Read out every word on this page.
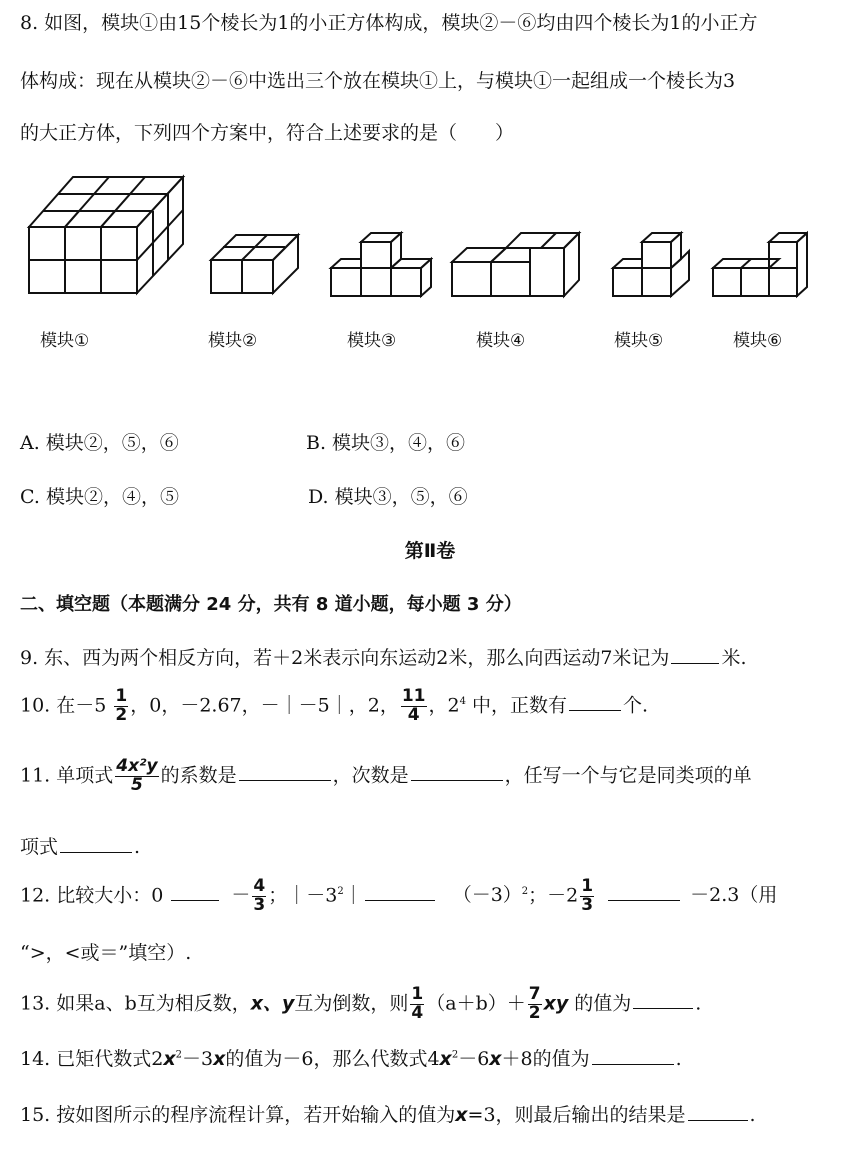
8. 如图，模块①由15个棱长为1的小正方体构成，模块②－⑥均由四个棱长为1的小正方
体构成：现在从模块②－⑥中选出三个放在模块①上，与模块①一起组成一个棱长为3
的大正方体，下列四个方案中，符合上述要求的是（　　）
模块①	模块②	模块③	模块④	模块⑤	模块⑥
A. 模块②，⑤，⑥	B. 模块③，④，⑥
C. 模块②，④，⑤	D. 模块③，⑤，⑥
第Ⅱ卷
二、填空题（本题满分 24 分，共有 8 道小题，每小题 3 分）
9. 东、西为两个相反方向，若＋2米表示向东运动2米，那么向西运动7米记为	米.
10. 在$-5 \frac{1}{2}$ ，0，－2.67，－｜－5｜，2， $\frac{11}{4}$ ，$2^4$ 中，正数有	个.
11. 单项式 $\frac{\text{4x²y}}{5}$ 的系数是	，次数是	，任写一个与它是同类项的单
项式	.
12. 比较大小：0	－ $\frac{4}{3}$ ；$|-3^2|$	$(-3)^2$；$-2 \frac{1}{3}$	－2.3（用
“>，<或＝”填空）.
13. 如果a、b互为相反数，x、y互为倒数，则 $\frac{1}{4} (a+b)+ \frac{7}{2}$ xy 的值为	.
14. 已矩代数式$2x^2-3x$的值为－6，那么代数式$4x^2-6x+8$的值为	.
15. 按如图所示的程序流程计算，若开始输入的值为x=3，则最后输出的结果是	.
